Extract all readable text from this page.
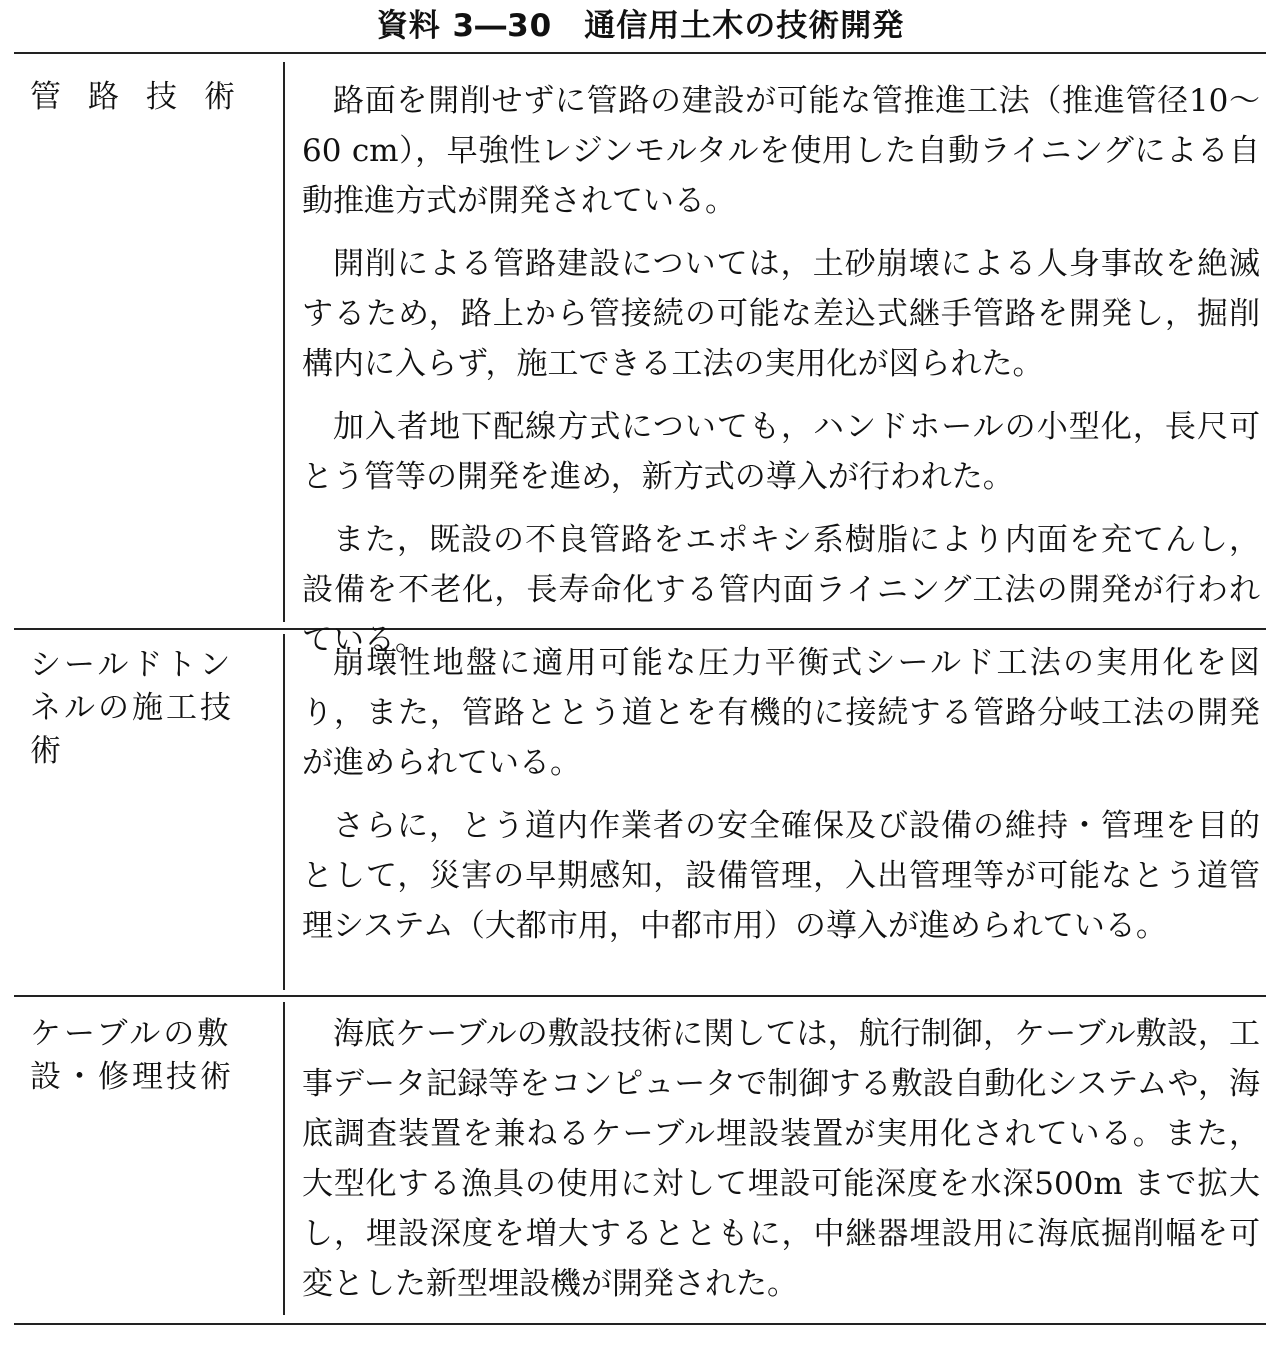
資料 3―30　通信用土木の技術開発
管路技術	路面を開削せずに管路の建設が可能な管推進工法（推進管径10～60 cm），早強性レジンモルタルを使用した自動ライニングによる自動推進方式が開発されている。

開削による管路建設については，土砂崩壊による人身事故を絶滅するため，路上から管接続の可能な差込式継手管路を開発し，掘削構内に入らず，施工できる工法の実用化が図られた。

加入者地下配線方式についても，ハンドホールの小型化，長尺可とう管等の開発を進め，新方式の導入が行われた。

また，既設の不良管路をエポキシ系樹脂により内面を充てんし，設備を不老化，長寿命化する管内面ライニング工法の開発が行われている。

シールドトンネルの施工技術

崩壊性地盤に適用可能な圧力平衡式シールド工法の実用化を図り，また，管路ととう道とを有機的に接続する管路分岐工法の開発が進められている。

さらに，とう道内作業者の安全確保及び設備の維持・管理を目的として，災害の早期感知，設備管理，入出管理等が可能なとう道管理システム（大都市用，中都市用）の導入が進められている。

ケーブルの敷設・修理技術

海底ケーブルの敷設技術に関しては，航行制御，ケーブル敷設，工事データ記録等をコンピュータで制御する敷設自動化システムや，海底調査装置を兼ねるケーブル埋設装置が実用化されている。また，大型化する漁具の使用に対して埋設可能深度を水深500m まで拡大し，埋設深度を増大するとともに，中継器埋設用に海底掘削幅を可変とした新型埋設機が開発された。
